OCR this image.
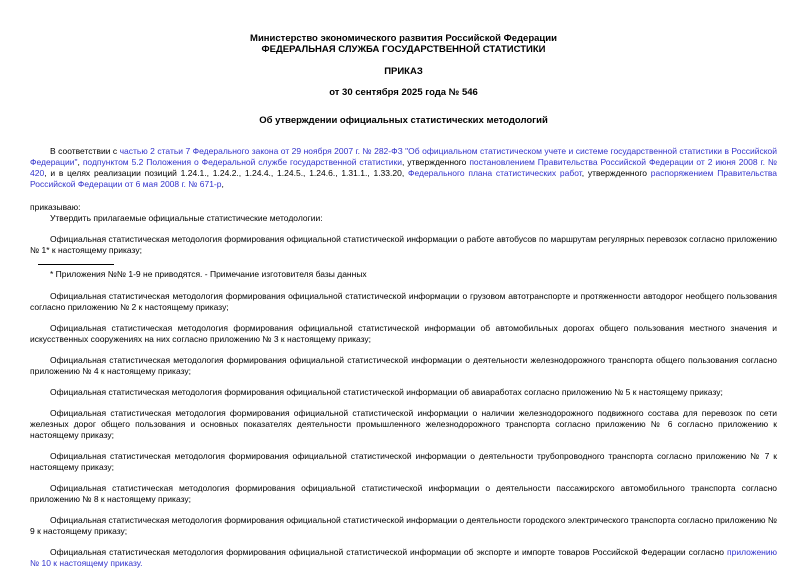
Министерство экономического развития Российской Федерации
ФЕДЕРАЛЬНАЯ СЛУЖБА ГОСУДАРСТВЕННОЙ СТАТИСТИКИ
ПРИКАЗ
от 30 сентября 2025 года № 546
Об утверждении официальных статистических методологий

В соответствии с частью 2 статьи 7 Федерального закона от 29 ноября 2007 г. № 282-ФЗ "Об официальном статистическом учете и системе государственной статистики в Российской Федерации", подпунктом 5.2 Положения о Федеральной службе государственной статистики, утвержденного постановлением Правительства Российской Федерации от 2 июня 2008 г. № 420, и в целях реализации позиций 1.24.1., 1.24.2., 1.24.4., 1.24.5., 1.24.6., 1.31.1., 1.33.20, Федерального плана статистических работ, утвержденного распоряжением Правительства Российской Федерации от 6 мая 2008 г. № 671-р,

приказываю:

Утвердить прилагаемые официальные статистические методологии:

Официальная статистическая методология формирования официальной статистической информации о работе автобусов по маршрутам регулярных перевозок согласно приложению № 1* к настоящему приказу;

* Приложения №№ 1-9 не приводятся. - Примечание изготовителя базы данных

Официальная статистическая методология формирования официальной статистической информации о грузовом автотранспорте и протяженности автодорог необщего пользования согласно приложению № 2 к настоящему приказу;

Официальная статистическая методология формирования официальной статистической информации об автомобильных дорогах общего пользования местного значения и искусственных сооружениях на них согласно приложению № 3 к настоящему приказу;

Официальная статистическая методология формирования официальной статистической информации о деятельности железнодорожного транспорта общего пользования согласно приложению № 4 к настоящему приказу;

Официальная статистическая методология формирования официальной статистической информации об авиаработах согласно приложению № 5 к настоящему приказу;

Официальная статистическая методология формирования официальной статистической информации о наличии железнодорожного подвижного состава для перевозок по сети железных дорог общего пользования и основных показателях деятельности промышленного железнодорожного транспорта согласно приложению № 6 согласно приложению к настоящему приказу;

Официальная статистическая методология формирования официальной статистической информации о деятельности трубопроводного транспорта согласно приложению № 7 к настоящему приказу;

Официальная статистическая методология формирования официальной статистической информации о деятельности пассажирского автомобильного транспорта согласно приложению № 8 к настоящему приказу;

Официальная статистическая методология формирования официальной статистической информации о деятельности городского электрического транспорта согласно приложению № 9 к настоящему приказу;

Официальная статистическая методология формирования официальной статистической информации об экспорте и импорте товаров Российской Федерации согласно приложению № 10 к настоящему приказу.
